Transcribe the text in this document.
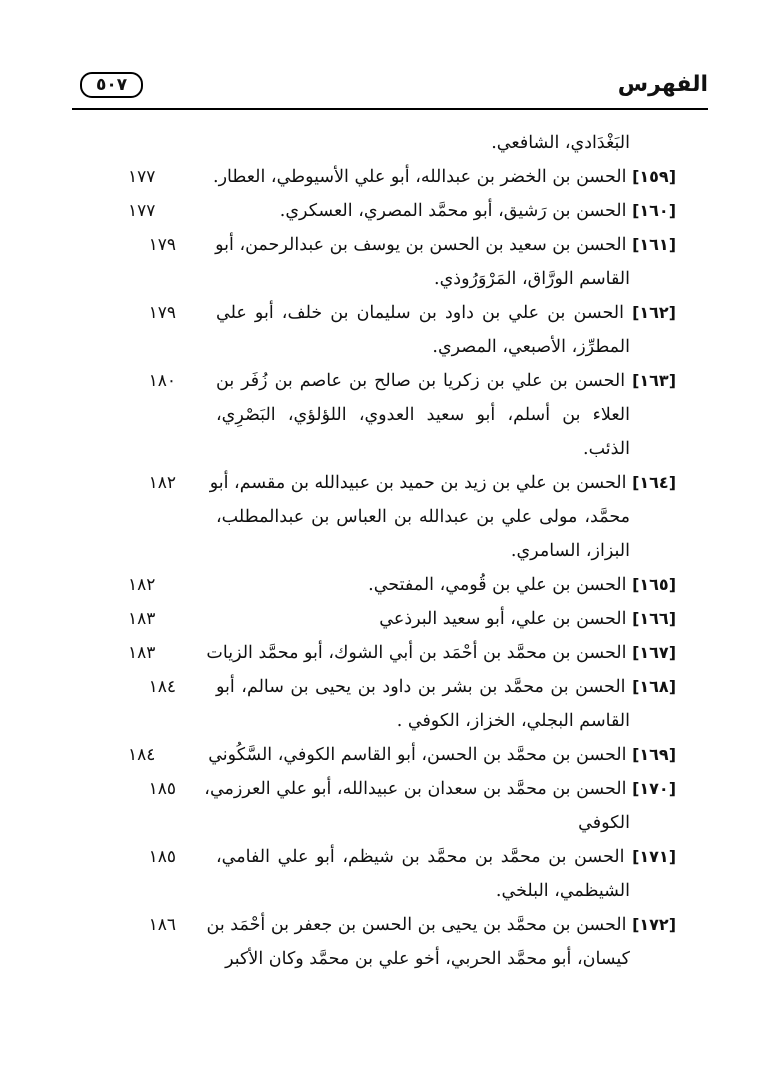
الفهرس
٥٠٧
البَغْدَادي، الشافعي.
[١٥٩] الحسن بن الخضر بن عبدالله، أبو علي الأسيوطي، العطار.
١٧٧
[١٦٠] الحسن بن رَشيق، أبو محمَّد المصري، العسكري.
١٧٧
[١٦١] الحسن بن سعيد بن الحسن بن يوسف بن عبدالرحمن، أبو
١٧٩
القاسم الورَّاق، المَرْوَرُوذي.
[١٦٢] الحسن بن علي بن داود بن سليمان بن خلف، أبو علي
١٧٩
المطرِّز، الأصبعي، المصري.
[١٦٣] الحسن بن علي بن زكريا بن صالح بن عاصم بن زُفَر بن
١٨٠
العلاء بن أسلم، أبو سعيد العدوي، اللؤلؤي، البَصْرِي،
الذئب.
[١٦٤] الحسن بن علي بن زيد بن حميد بن عبيدالله بن مقسم، أبو
١٨٢
محمَّد، مولى علي بن عبدالله بن العباس بن عبدالمطلب،
البزاز، السامري.
[١٦٥] الحسن بن علي بن قُومي، المفتحي.
١٨٢
[١٦٦] الحسن بن علي، أبو سعيد البرذعي
١٨٣
[١٦٧] الحسن بن محمَّد بن أحْمَد بن أبي الشوك، أبو محمَّد الزيات
١٨٣
[١٦٨] الحسن بن محمَّد بن بشر بن داود بن يحيى بن سالم، أبو
١٨٤
القاسم البجلي، الخزاز، الكوفي .
[١٦٩] الحسن بن محمَّد بن الحسن، أبو القاسم الكوفي، السَّكُوني
١٨٤
[١٧٠] الحسن بن محمَّد بن سعدان بن عبيدالله، أبو علي العرزمي،
١٨٥
الكوفي
[١٧١] الحسن بن محمَّد بن محمَّد بن شيظم، أبو علي الفامي،
١٨٥
الشيظمي، البلخي.
[١٧٢] الحسن بن محمَّد بن يحيى بن الحسن بن جعفر بن أحْمَد بن
١٨٦
كيسان، أبو محمَّد الحربي، أخو علي بن محمَّد وكان الأكبر
